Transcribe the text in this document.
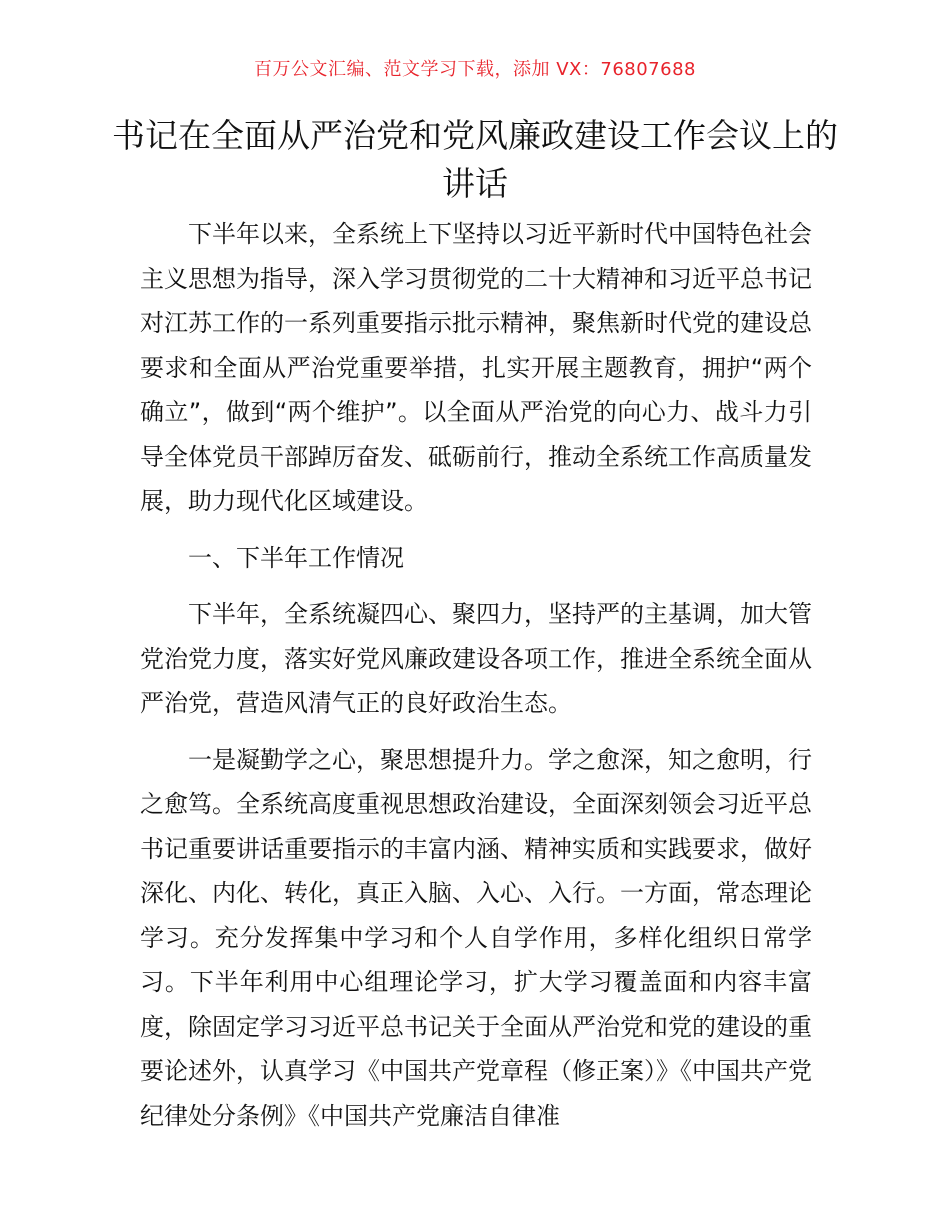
百万公文汇编、范文学习下载，添加 VX：76807688
书记在全面从严治党和党风廉政建设工作会议上的讲话

下半年以来，全系统上下坚持以习近平新时代中国特色社会主义思想为指导，深入学习贯彻党的二十大精神和习近平总书记对江苏工作的一系列重要指示批示精神，聚焦新时代党的建设总要求和全面从严治党重要举措，扎实开展主题教育，拥护“两个确立”，做到“两个维护”。以全面从严治党的向心力、战斗力引导全体党员干部踔厉奋发、砥砺前行，推动全系统工作高质量发展，助力现代化区域建设。

一、下半年工作情况

下半年，全系统凝四心、聚四力，坚持严的主基调，加大管党治党力度，落实好党风廉政建设各项工作，推进全系统全面从严治党，营造风清气正的良好政治生态。

一是凝勤学之心，聚思想提升力。学之愈深，知之愈明，行之愈笃。全系统高度重视思想政治建设，全面深刻领会习近平总书记重要讲话重要指示的丰富内涵、精神实质和实践要求，做好深化、内化、转化，真正入脑、入心、入行。一方面，常态理论学习。充分发挥集中学习和个人自学作用，多样化组织日常学习。下半年利用中心组理论学习，扩大学习覆盖面和内容丰富度，除固定学习习近平总书记关于全面从严治党和党的建设的重要论述外，认真学习《中国共产党章程（修正案）》《中国共产党纪律处分条例》《中国共产党廉洁自律准
